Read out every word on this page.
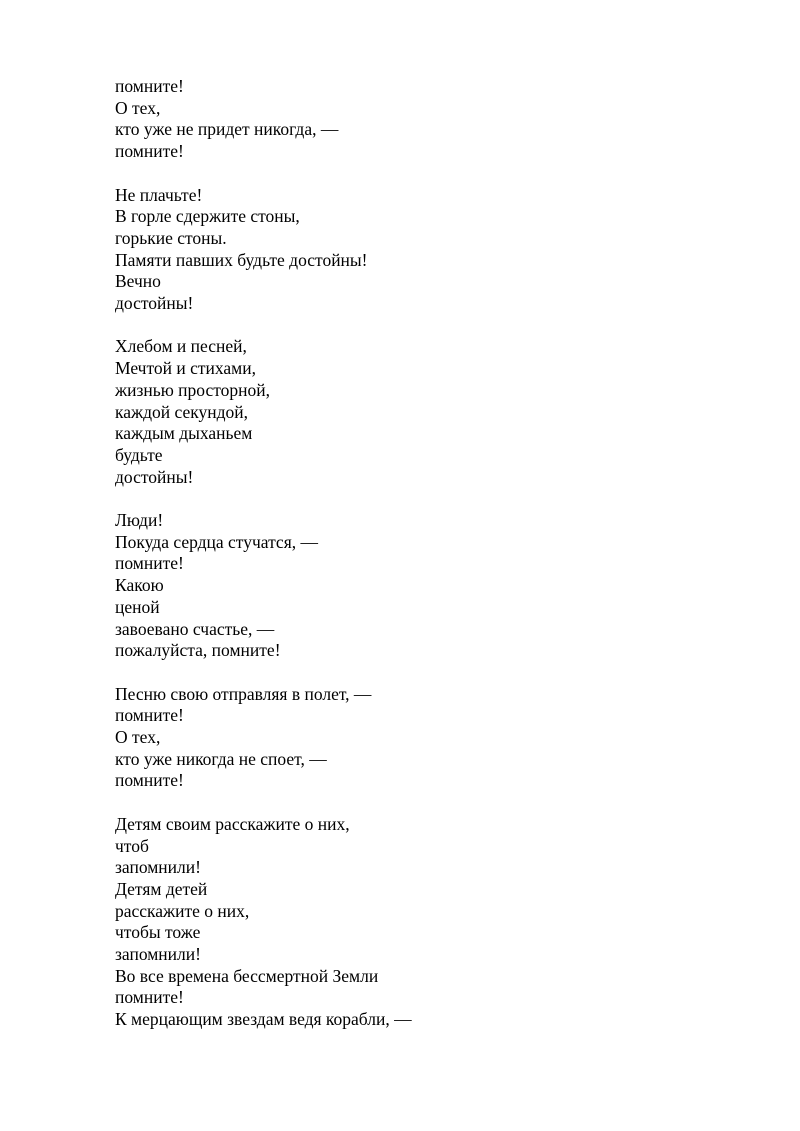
помните!
О тех,
кто уже не придет никогда, —
помните!
Не плачьте!
В горле сдержите стоны,
горькие стоны.
Памяти павших будьте достойны!
Вечно
достойны!
Хлебом и песней,
Мечтой и стихами,
жизнью просторной,
каждой секундой,
каждым дыханьем
будьте
достойны!
Люди!
Покуда сердца стучатся, —
помните!
Какою
ценой
завоевано счастье, —
пожалуйста, помните!
Песню свою отправляя в полет, —
помните!
О тех,
кто уже никогда не споет, —
помните!
Детям своим расскажите о них,
чтоб
запомнили!
Детям детей
расскажите о них,
чтобы тоже
запомнили!
Во все времена бессмертной Земли
помните!
К мерцающим звездам ведя корабли, —
